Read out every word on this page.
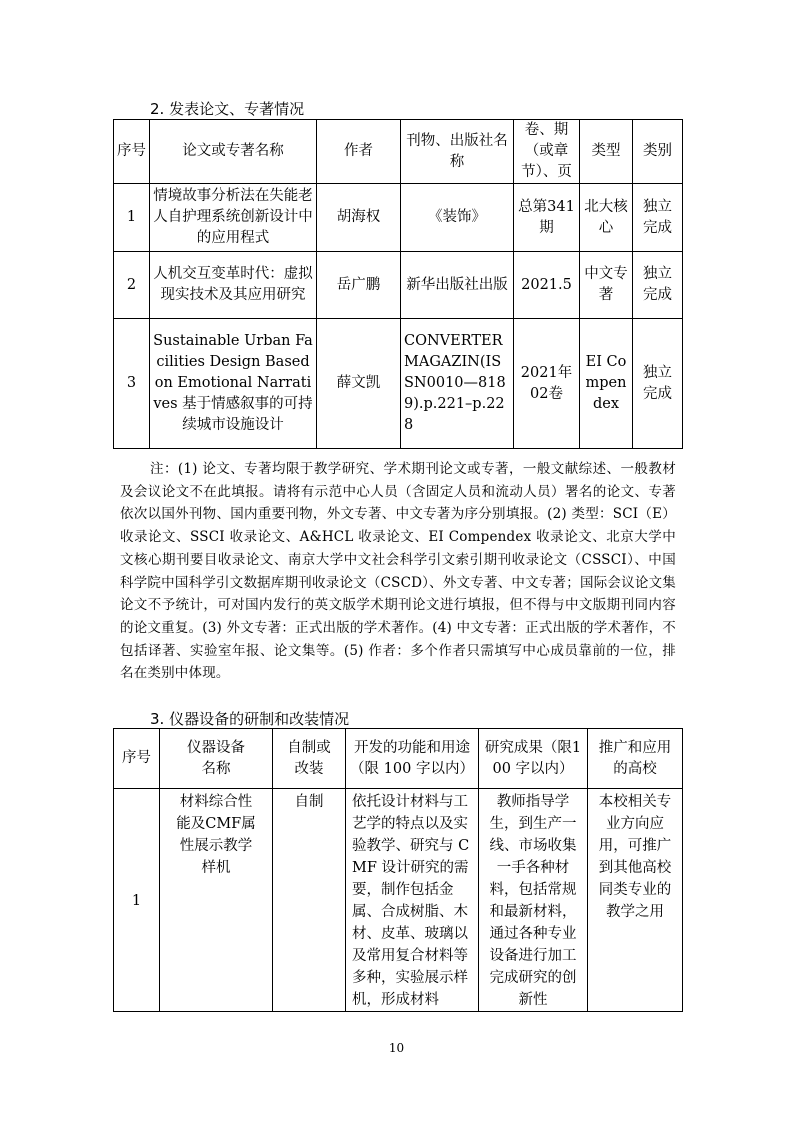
2. 发表论文、专著情况
序号	论文或专著名称	作者	刊物、出版社名称	卷、期（或章节）、页	类型	类别
1	情境故事分析法在失能老人自护理系统创新设计中的应用程式	胡海权	《装饰》	总第341期	北大核心	独立完成
2	人机交互变革时代：虚拟现实技术及其应用研究	岳广鹏	新华出版社出版	2021.5	中文专著	独立完成
3	Sustainable Urban Facilities Design Basedon Emotional Narratives 基于情感叙事的可持续城市设施设计	薛文凯	CONVERTER MAGAZIN(ISSN0010—8189).p.221–p.228	2021年02卷	EI Compendex	独立完成
注：(1) 论文、专著均限于教学研究、学术期刊论文或专著，一般文献综述、一般教材及会议论文不在此填报。请将有示范中心人员（含固定人员和流动人员）署名的论文、专著依次以国外刊物、国内重要刊物，外文专著、中文专著为序分别填报。(2) 类型：SCI（E）收录论文、SSCI 收录论文、A&HCL 收录论文、EI Compendex 收录论文、北京大学中文核心期刊要目收录论文、南京大学中文社会科学引文索引期刊收录论文（CSSCI）、中国科学院中国科学引文数据库期刊收录论文（CSCD）、外文专著、中文专著；国际会议论文集论文不予统计，可对国内发行的英文版学术期刊论文进行填报，但不得与中文版期刊同内容的论文重复。(3) 外文专著：正式出版的学术著作。(4) 中文专著：正式出版的学术著作，不包括译著、实验室年报、论文集等。(5) 作者：多个作者只需填写中心成员靠前的一位，排名在类别中体现。
3. 仪器设备的研制和改装情况
序号	仪器设备名称	自制或改装	开发的功能和用途（限 100 字以内）	研究成果（限100 字以内）	推广和应用的高校
1	材料综合性能及CMF属性展示教学样机	自制	依托设计材料与工艺学的特点以及实验教学、研究与 CMF 设计研究的需要，制作包括金属、合成树脂、木材、皮革、玻璃以及常用复合材料等多种，实验展示样机，形成材料	教师指导学生，到生产一线、市场收集一手各种材料，包括常规和最新材料，通过各种专业设备进行加工完成研究的创新性	本校相关专业方向应用，可推广到其他高校同类专业的教学之用
10
